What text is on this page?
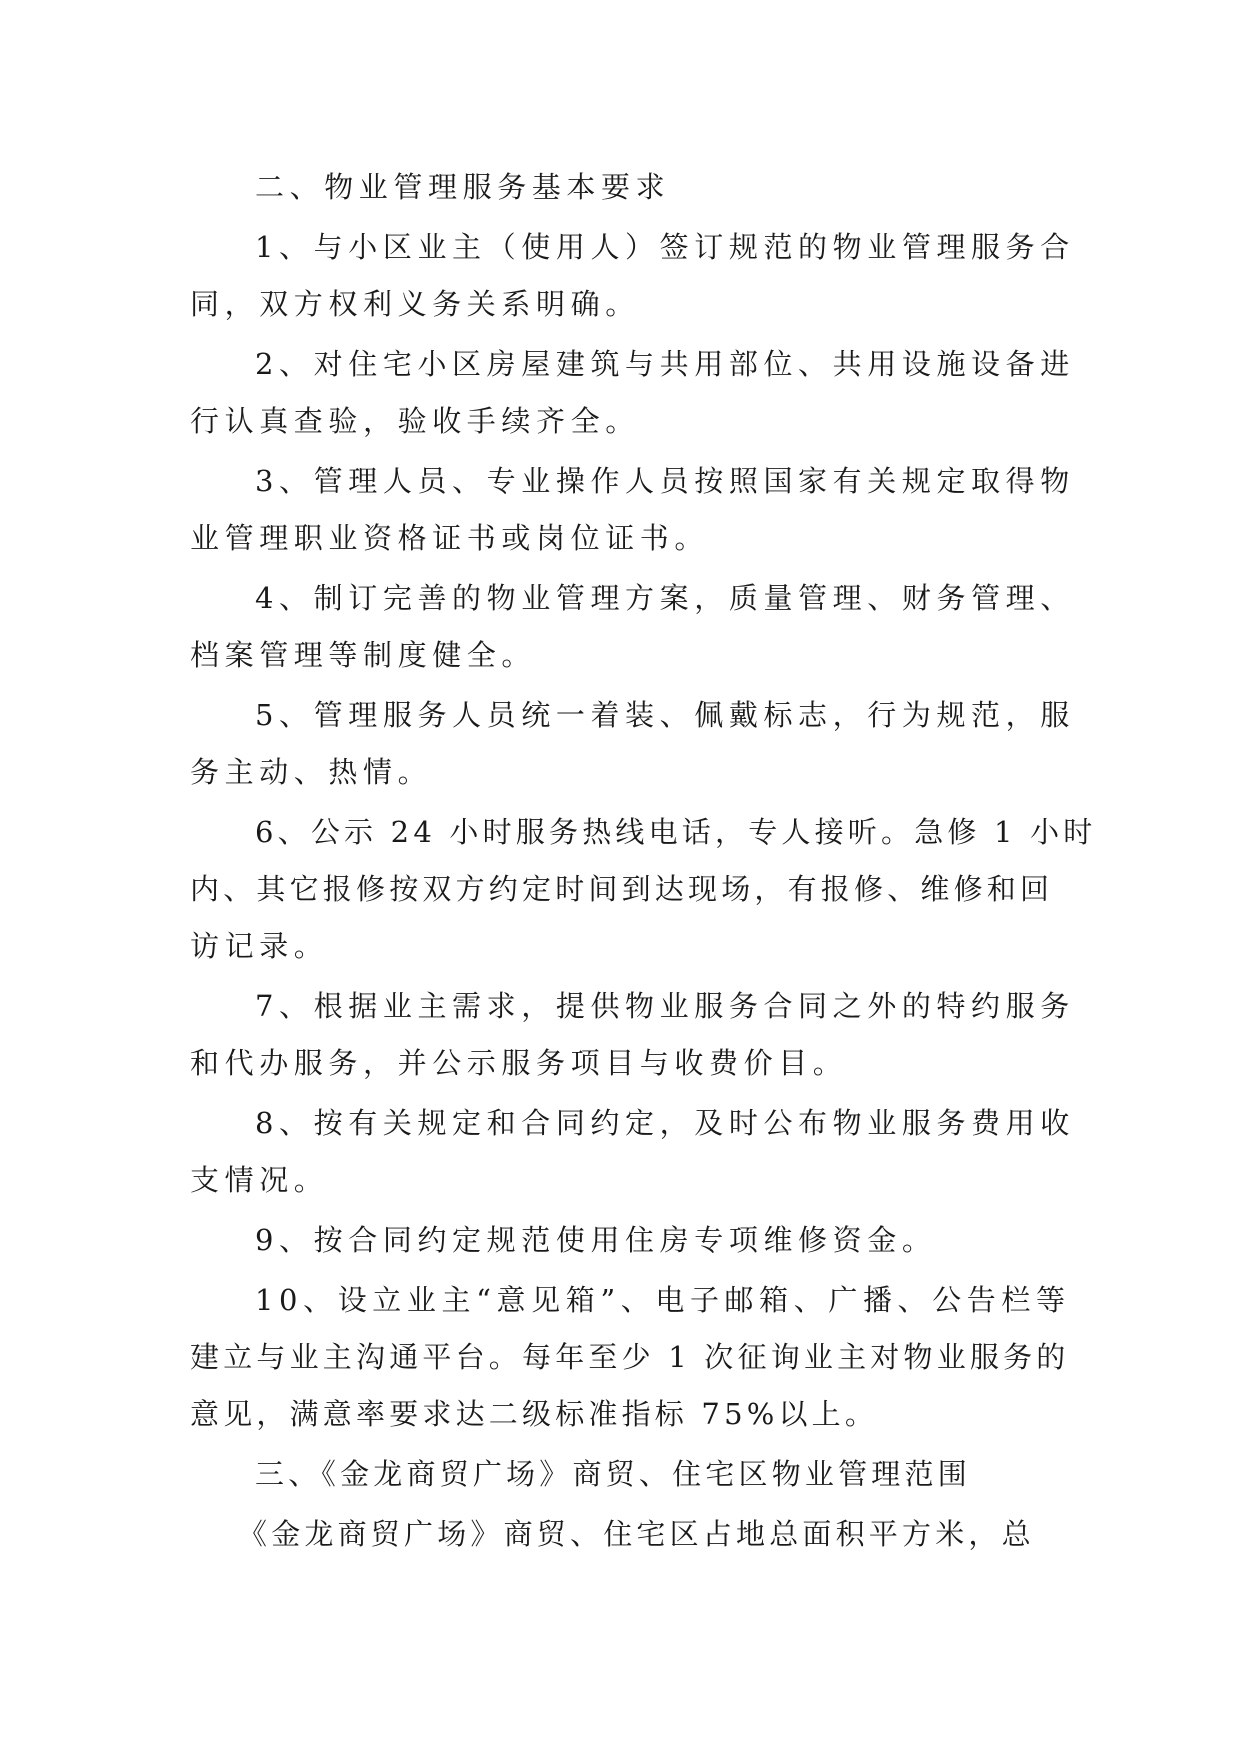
二、物业管理服务基本要求
1、与小区业主（使用人）签订规范的物业管理服务合
同，双方权利义务关系明确。
2、对住宅小区房屋建筑与共用部位、共用设施设备进
行认真查验，验收手续齐全。
3、管理人员、专业操作人员按照国家有关规定取得物
业管理职业资格证书或岗位证书。
4、制订完善的物业管理方案，质量管理、财务管理、
档案管理等制度健全。
5、管理服务人员统一着装、佩戴标志，行为规范，服
务主动、热情。
6、公示 24 小时服务热线电话，专人接听。急修 1 小时
内、其它报修按双方约定时间到达现场，有报修、维修和回
访记录。
7、根据业主需求，提供物业服务合同之外的特约服务
和代办服务，并公示服务项目与收费价目。
8、按有关规定和合同约定，及时公布物业服务费用收
支情况。
9、按合同约定规范使用住房专项维修资金。
10、设立业主“意见箱”、电子邮箱、广播、公告栏等
建立与业主沟通平台。每年至少 1 次征询业主对物业服务的
意见，满意率要求达二级标准指标 75%以上。
三、《金龙商贸广场》商贸、住宅区物业管理范围
《金龙商贸广场》商贸、住宅区占地总面积平方米，总
